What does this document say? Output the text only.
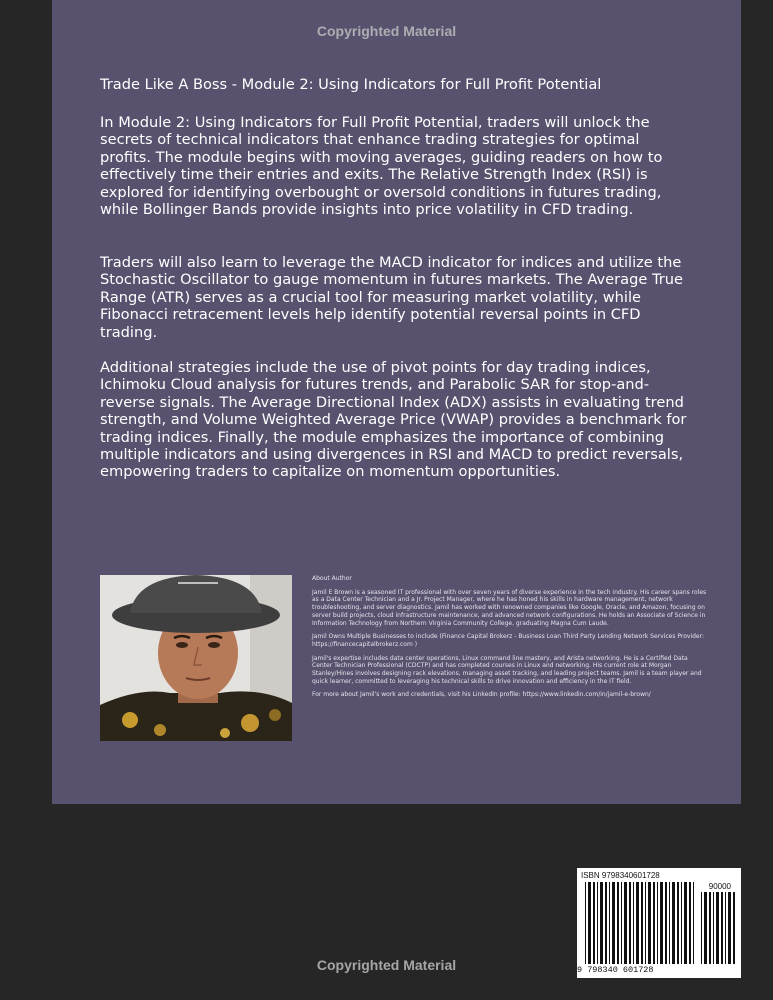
Copyrighted Material
Trade Like A Boss - Module 2: Using Indicators for Full Profit Potential
In Module 2: Using Indicators for Full Profit Potential, traders will unlock the secrets of technical indicators that enhance trading strategies for optimal profits. The module begins with moving averages, guiding readers on how to effectively time their entries and exits. The Relative Strength Index (RSI) is explored for identifying overbought or oversold conditions in futures trading, while Bollinger Bands provide insights into price volatility in CFD trading.
Traders will also learn to leverage the MACD indicator for indices and utilize the Stochastic Oscillator to gauge momentum in futures markets. The Average True Range (ATR) serves as a crucial tool for measuring market volatility, while Fibonacci retracement levels help identify potential reversal points in CFD trading.
Additional strategies include the use of pivot points for day trading indices, Ichimoku Cloud analysis for futures trends, and Parabolic SAR for stop-and-reverse signals. The Average Directional Index (ADX) assists in evaluating trend strength, and Volume Weighted Average Price (VWAP) provides a benchmark for trading indices. Finally, the module emphasizes the importance of combining multiple indicators and using divergences in RSI and MACD to predict reversals, empowering traders to capitalize on momentum opportunities.

About Author

Jamil E Brown is a seasoned IT professional with over seven years of diverse experience in the tech industry. His career spans roles as a Data Center Technician and a Jr. Project Manager, where he has honed his skills in hardware management, network troubleshooting, and server diagnostics. Jamil has worked with renowned companies like Google, Oracle, and Amazon, focusing on server build projects, cloud infrastructure maintenance, and advanced network configurations. He holds an Associate of Science in Information Technology from Northern Virginia Community College, graduating Magna Cum Laude.

Jamil Owns Multiple Businesses to include (Finance Capital Brokerz - Business Loan Third Party Lending Network Services Provider: https://financecapitalbrokerz.com )

Jamil's expertise includes data center operations, Linux command line mastery, and Arista networking. He is a Certified Data Center Technician Professional (CDCTP) and has completed courses in Linux and networking. His current role at Morgan Stanley/Hines involves designing rack elevations, managing asset tracking, and leading project teams. Jamil is a team player and quick learner, committed to leveraging his technical skills to drive innovation and efficiency in the IT field.

For more about Jamil's work and credentials, visit his LinkedIn profile: https://www.linkedin.com/in/jamil-e-brown/

ISBN 9798340601728
90000
9 798340 601728
Copyrighted Material
